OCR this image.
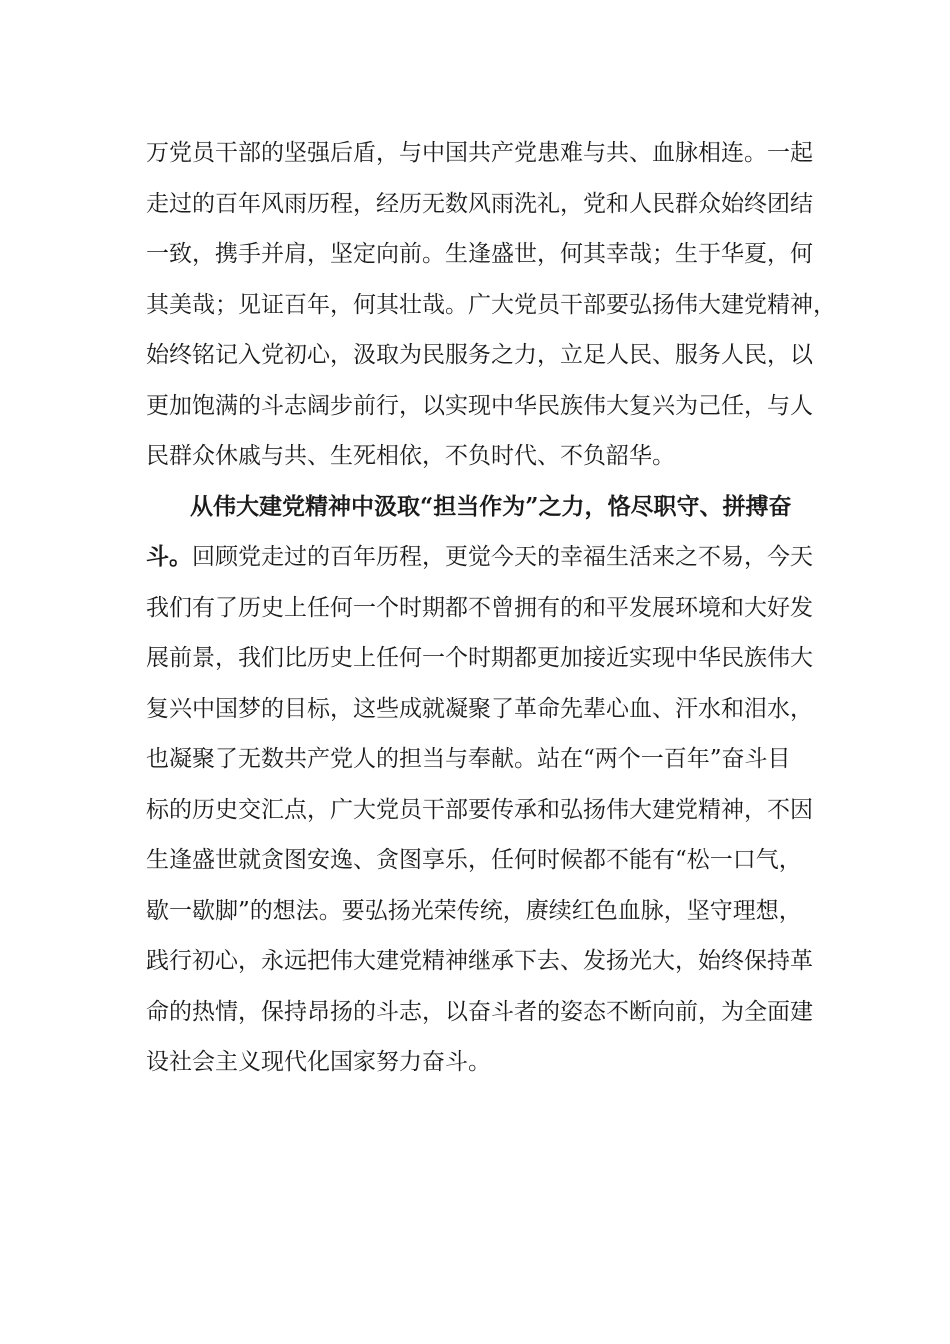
万党员干部的坚强后盾，与中国共产党患难与共、血脉相连。一起
走过的百年风雨历程，经历无数风雨洗礼，党和人民群众始终团结
一致，携手并肩，坚定向前。生逢盛世，何其幸哉；生于华夏，何
其美哉；见证百年，何其壮哉。广大党员干部要弘扬伟大建党精神，
始终铭记入党初心，汲取为民服务之力，立足人民、服务人民，以
更加饱满的斗志阔步前行，以实现中华民族伟大复兴为己任，与人
民群众休戚与共、生死相依，不负时代、不负韶华。

从伟大建党精神中汲取“担当作为”之力，恪尽职守、拼搏奋
斗。回顾党走过的百年历程，更觉今天的幸福生活来之不易，今天
我们有了历史上任何一个时期都不曾拥有的和平发展环境和大好发
展前景，我们比历史上任何一个时期都更加接近实现中华民族伟大
复兴中国梦的目标，这些成就凝聚了革命先辈心血、汗水和泪水，
也凝聚了无数共产党人的担当与奉献。站在“两个一百年”奋斗目
标的历史交汇点，广大党员干部要传承和弘扬伟大建党精神，不因
生逢盛世就贪图安逸、贪图享乐，任何时候都不能有“松一口气，
歇一歇脚”的想法。要弘扬光荣传统，赓续红色血脉，坚守理想，
践行初心，永远把伟大建党精神继承下去、发扬光大，始终保持革
命的热情，保持昂扬的斗志，以奋斗者的姿态不断向前，为全面建
设社会主义现代化国家努力奋斗。
